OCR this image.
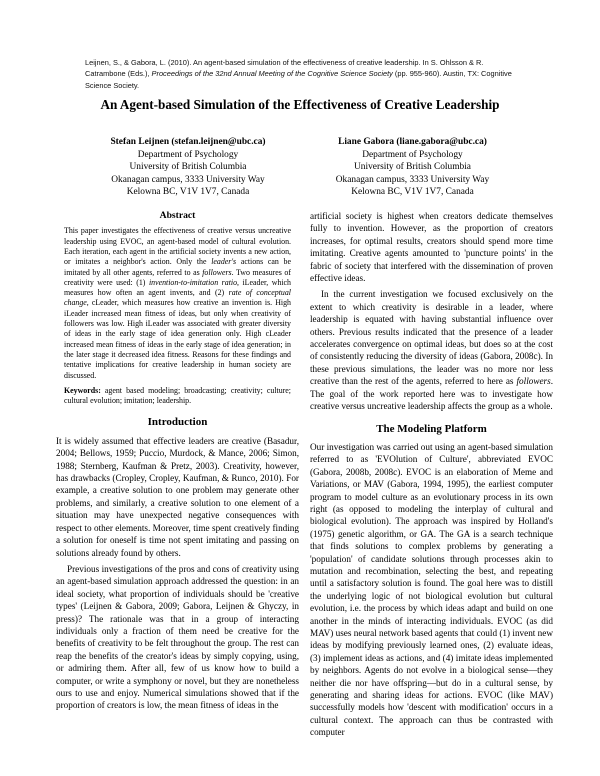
Leijnen, S., & Gabora, L. (2010). An agent-based simulation of the effectiveness of creative leadership. In S. Ohlsson & R. Catrambone (Eds.), Proceedings of the 32nd Annual Meeting of the Cognitive Science Society (pp. 955-960). Austin, TX: Cognitive Science Society.

An Agent-based Simulation of the Effectiveness of Creative Leadership
Stefan Leijnen (stefan.leijnen@ubc.ca)
Department of Psychology
University of British Columbia
Okanagan campus, 3333 University Way
Kelowna BC, V1V 1V7, Canada
Liane Gabora (liane.gabora@ubc.ca)
Department of Psychology
University of British Columbia
Okanagan campus, 3333 University Way
Kelowna BC, V1V 1V7, Canada
Abstract

This paper investigates the effectiveness of creative versus uncreative leadership using EVOC, an agent-based model of cultural evolution. Each iteration, each agent in the artificial society invents a new action, or imitates a neighbor's action. Only the leader's actions can be imitated by all other agents, referred to as followers. Two measures of creativity were used: (1) invention-to-imitation ratio, iLeader, which measures how often an agent invents, and (2) rate of conceptual change, cLeader, which measures how creative an invention is. High iLeader increased mean fitness of ideas, but only when creativity of followers was low. High iLeader was associated with greater diversity of ideas in the early stage of idea generation only. High cLeader increased mean fitness of ideas in the early stage of idea generation; in the later stage it decreased idea fitness. Reasons for these findings and tentative implications for creative leadership in human society are discussed.

Keywords: agent based modeling; broadcasting; creativity; culture; cultural evolution; imitation; leadership.

Introduction

It is widely assumed that effective leaders are creative (Basadur, 2004; Bellows, 1959; Puccio, Murdock, & Mance, 2006; Simon, 1988; Sternberg, Kaufman & Pretz, 2003). Creativity, however, has drawbacks (Cropley, Cropley, Kaufman, & Runco, 2010). For example, a creative solution to one problem may generate other problems, and similarly, a creative solution to one element of a situation may have unexpected negative consequences with respect to other elements. Moreover, time spent creatively finding a solution for oneself is time not spent imitating and passing on solutions already found by others.

Previous investigations of the pros and cons of creativity using an agent-based simulation approach addressed the question: in an ideal society, what proportion of individuals should be 'creative types' (Leijnen & Gabora, 2009; Gabora, Leijnen & Ghyczy, in press)? The rationale was that in a group of interacting individuals only a fraction of them need be creative for the benefits of creativity to be felt throughout the group. The rest can reap the benefits of the creator's ideas by simply copying, using, or admiring them. After all, few of us know how to build a computer, or write a symphony or novel, but they are nonetheless ours to use and enjoy. Numerical simulations showed that if the proportion of creators is low, the mean fitness of ideas in the

artificial society is highest when creators dedicate themselves fully to invention. However, as the proportion of creators increases, for optimal results, creators should spend more time imitating. Creative agents amounted to 'puncture points' in the fabric of society that interfered with the dissemination of proven effective ideas.

In the current investigation we focused exclusively on the extent to which creativity is desirable in a leader, where leadership is equated with having substantial influence over others. Previous results indicated that the presence of a leader accelerates convergence on optimal ideas, but does so at the cost of consistently reducing the diversity of ideas (Gabora, 2008c). In these previous simulations, the leader was no more nor less creative than the rest of the agents, referred to here as followers. The goal of the work reported here was to investigate how creative versus uncreative leadership affects the group as a whole.

The Modeling Platform

Our investigation was carried out using an agent-based simulation referred to as 'EVOlution of Culture', abbreviated EVOC (Gabora, 2008b, 2008c). EVOC is an elaboration of Meme and Variations, or MAV (Gabora, 1994, 1995), the earliest computer program to model culture as an evolutionary process in its own right (as opposed to modeling the interplay of cultural and biological evolution). The approach was inspired by Holland's (1975) genetic algorithm, or GA. The GA is a search technique that finds solutions to complex problems by generating a 'population' of candidate solutions through processes akin to mutation and recombination, selecting the best, and repeating until a satisfactory solution is found. The goal here was to distill the underlying logic of not biological evolution but cultural evolution, i.e. the process by which ideas adapt and build on one another in the minds of interacting individuals. EVOC (as did MAV) uses neural network based agents that could (1) invent new ideas by modifying previously learned ones, (2) evaluate ideas, (3) implement ideas as actions, and (4) imitate ideas implemented by neighbors. Agents do not evolve in a biological sense—they neither die nor have offspring—but do in a cultural sense, by generating and sharing ideas for actions. EVOC (like MAV) successfully models how 'descent with modification' occurs in a cultural context. The approach can thus be contrasted with computer
